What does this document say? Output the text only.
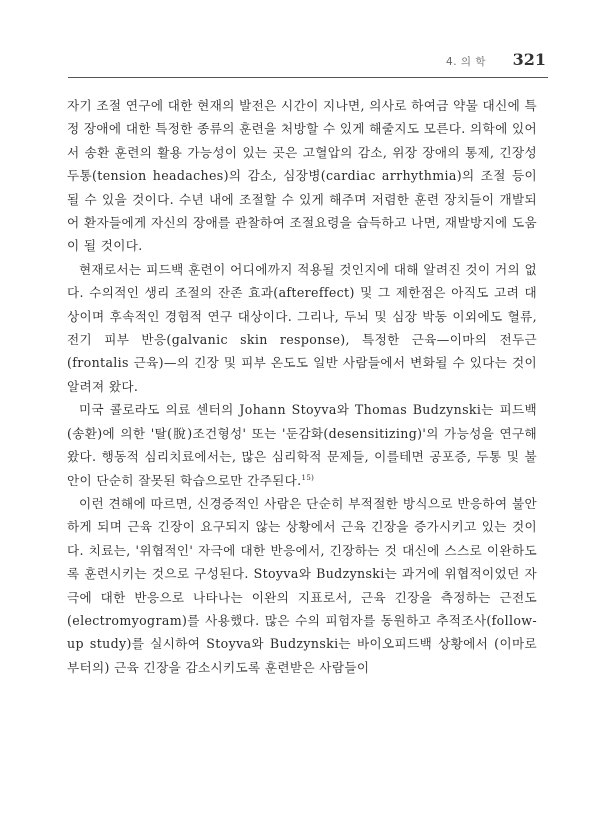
4. 의 학 321

자기 조절 연구에 대한 현재의 발전은 시간이 지나면, 의사로 하여금 약물 대신에 특정 장애에 대한 특정한 종류의 훈련을 처방할 수 있게 해줄지도 모른다. 의학에 있어서 송환 훈련의 활용 가능성이 있는 곳은 고혈압의 감소, 위장 장애의 통제, 긴장성 두통(tension headaches)의 감소, 심장병(cardiac arrhythmia)의 조절 등이 될 수 있을 것이다. 수년 내에 조절할 수 있게 해주며 저렴한 훈련 장치들이 개발되어 환자들에게 자신의 장애를 관찰하여 조절요령을 습득하고 나면, 재발방지에 도움이 될 것이다.

현재로서는 피드백 훈련이 어디에까지 적용될 것인지에 대해 알려진 것이 거의 없다. 수의적인 생리 조절의 잔존 효과(aftereffect) 및 그 제한점은 아직도 고려 대상이며 후속적인 경험적 연구 대상이다. 그리나, 두뇌 및 심장 박동 이외에도 혈류, 전기 피부 반응(galvanic skin response), 특정한 근육—이마의 전두근(frontalis 근육)—의 긴장 및 피부 온도도 일반 사람들에서 변화될 수 있다는 것이 알려져 왔다.

미국 콜로라도 의료 센터의 Johann Stoyva와 Thomas Budzynski는 피드백(송환)에 의한 '탈(脫)조건형성' 또는 '둔감화(desensitizing)'의 가능성을 연구해 왔다. 행동적 심리치료에서는, 많은 심리학적 문제들, 이를테면 공포증, 두통 및 불안이 단순히 잘못된 학습으로만 간주된다.$^{15)}$

이런 견해에 따르면, 신경증적인 사람은 단순히 부적절한 방식으로 반응하여 불안하게 되며 근육 긴장이 요구되지 않는 상황에서 근육 긴장을 증가시키고 있는 것이다. 치료는, '위협적인' 자극에 대한 반응에서, 긴장하는 것 대신에 스스로 이완하도록 훈련시키는 것으로 구성된다. Stoyva와 Budzynski는 과거에 위협적이었던 자극에 대한 반응으로 나타나는 이완의 지표로서, 근육 긴장을 측정하는 근전도(electromyogram)를 사용했다. 많은 수의 피험자를 동원하고 추적조사(follow-up study)를 실시하여 Stoyva와 Budzynski는 바이오피드백 상황에서 (이마로부터의) 근육 긴장을 감소시키도록 훈련받은 사람들이
